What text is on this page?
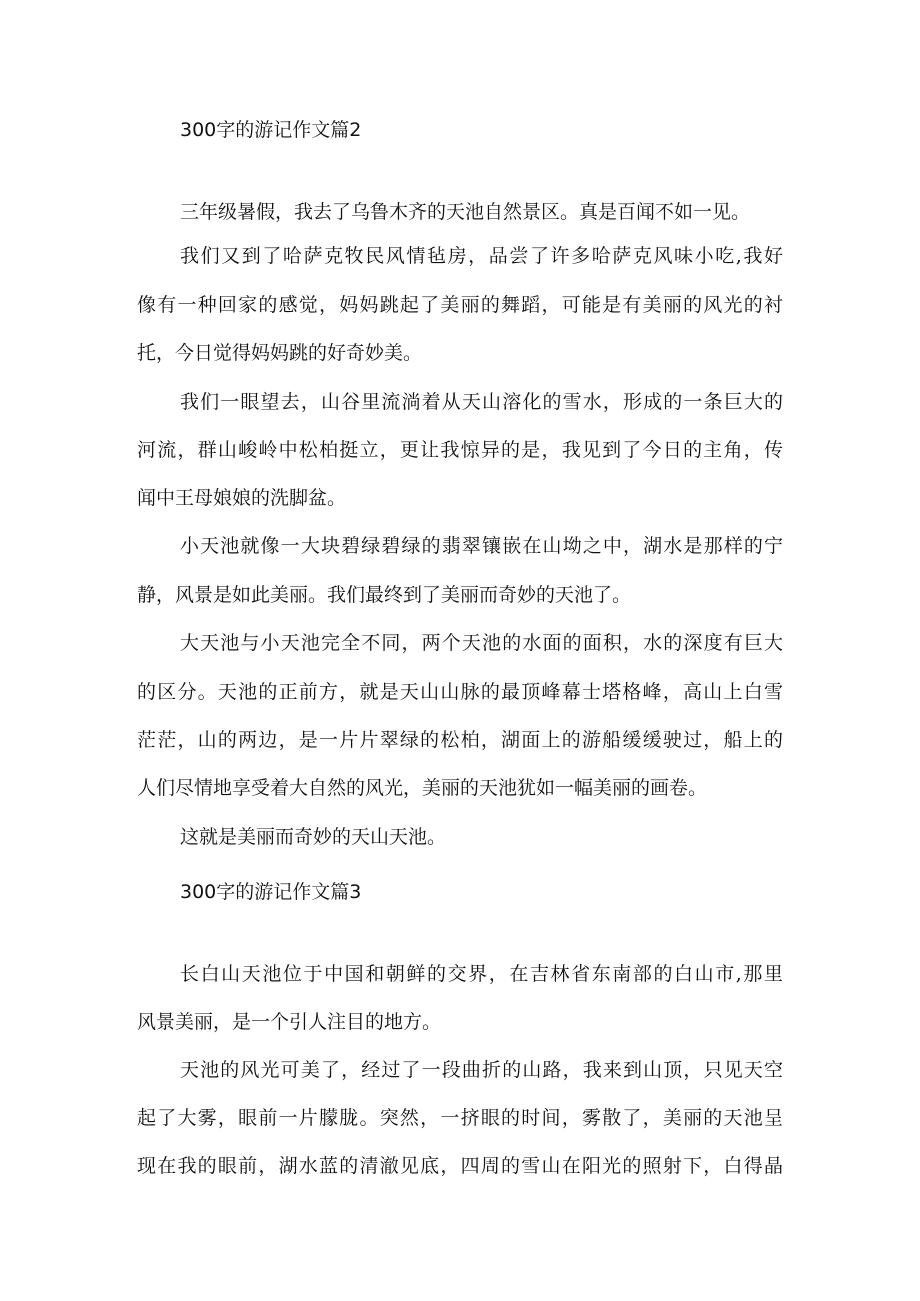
300字的游记作文篇2
三年级暑假，我去了乌鲁木齐的天池自然景区。真是百闻不如一见。
我们又到了哈萨克牧民风情毡房，品尝了许多哈萨克风味小吃,我好
像有一种回家的感觉，妈妈跳起了美丽的舞蹈，可能是有美丽的风光的衬
托，今日觉得妈妈跳的好奇妙美。
我们一眼望去，山谷里流淌着从天山溶化的雪水，形成的一条巨大的
河流，群山峻岭中松柏挺立，更让我惊异的是，我见到了今日的主角，传
闻中王母娘娘的洗脚盆。
小天池就像一大块碧绿碧绿的翡翠镶嵌在山坳之中，湖水是那样的宁
静，风景是如此美丽。我们最终到了美丽而奇妙的天池了。
大天池与小天池完全不同，两个天池的水面的面积，水的深度有巨大
的区分。天池的正前方，就是天山山脉的最顶峰幕士塔格峰，高山上白雪
茫茫，山的两边，是一片片翠绿的松柏，湖面上的游船缓缓驶过，船上的
人们尽情地享受着大自然的风光，美丽的天池犹如一幅美丽的画卷。
这就是美丽而奇妙的天山天池。
300字的游记作文篇3
长白山天池位于中国和朝鲜的交界，在吉林省东南部的白山市,那里
风景美丽，是一个引人注目的地方。
天池的风光可美了，经过了一段曲折的山路，我来到山顶，只见天空
起了大雾，眼前一片朦胧。突然，一挤眼的时间，雾散了，美丽的天池呈
现在我的眼前，湖水蓝的清澈见底，四周的雪山在阳光的照射下，白得晶
